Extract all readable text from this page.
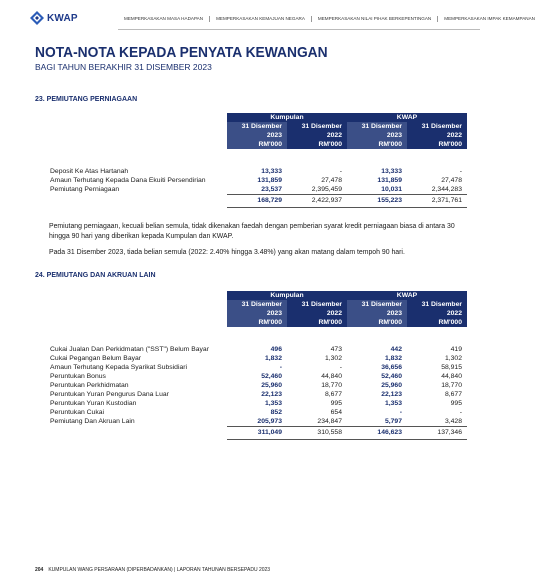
KWAP	MEMPERKASAKAN MASA HADAPAN	MEMPERKASAKAN KEMAJUAN NEGARA	MEMPERKASAKAN NILAI PIHAK BERKEPENTINGAN	MEMPERKASAKAN IMPAK KEMAMPANAN
NOTA-NOTA KEPADA PENYATA KEWANGAN
BAGI TAHUN BERAKHIR 31 DISEMBER 2023
23. PEMIUTANG PERNIAGAAN
	Kumpulan		KWAP	
	31 Disember	31 Disember	31 Disember	31 Disember
	2023	2022	2023	2022
	RM'000	RM'000	RM'000	RM'000

Deposit Ke Atas Hartanah	13,333	-	13,333	-
Amaun Terhutang Kepada Dana Ekuiti Persendirian	131,859	27,478	131,859	27,478
Pemiutang Perniagaan	23,537	2,395,459	10,031	2,344,283
	168,729	2,422,937	155,223	2,371,761
Pemiutang perniagaan, kecuali belian semula, tidak dikenakan faedah dengan pemberian syarat kredit perniagaan biasa di antara 30 hingga 90 hari yang diberikan kepada Kumpulan dan KWAP.
Pada 31 Disember 2023, tiada belian semula (2022: 2.40% hingga 3.48%) yang akan matang dalam tempoh 90 hari.
24. PEMIUTANG DAN AKRUAN LAIN
	Kumpulan		KWAP	
	31 Disember	31 Disember	31 Disember	31 Disember
	2023	2022	2023	2022
	RM'000	RM'000	RM'000	RM'000

Cukai Jualan Dan Perkidmatan ("SST") Belum Bayar	496	473	442	419
Cukai Pegangan Belum Bayar	1,832	1,302	1,832	1,302
Amaun Terhutang Kepada Syarikat Subsidiari	-	-	36,656	58,915
Peruntukan Bonus	52,460	44,840	52,460	44,840
Peruntukan Perkhidmatan	25,960	18,770	25,960	18,770
Peruntukan Yuran Pengurus Dana Luar	22,123	8,677	22,123	8,677
Peruntukan Yuran Kustodian	1,353	995	1,353	995
Peruntukan Cukai	852	654	-	-
Pemiutang Dan Akruan Lain	205,973	234,847	5,797	3,428
	311,049	310,558	146,623	137,346
204 KUMPULAN WANG PERSARAAN (DIPERBADANKAN) | LAPORAN TAHUNAN BERSEPADU 2023
